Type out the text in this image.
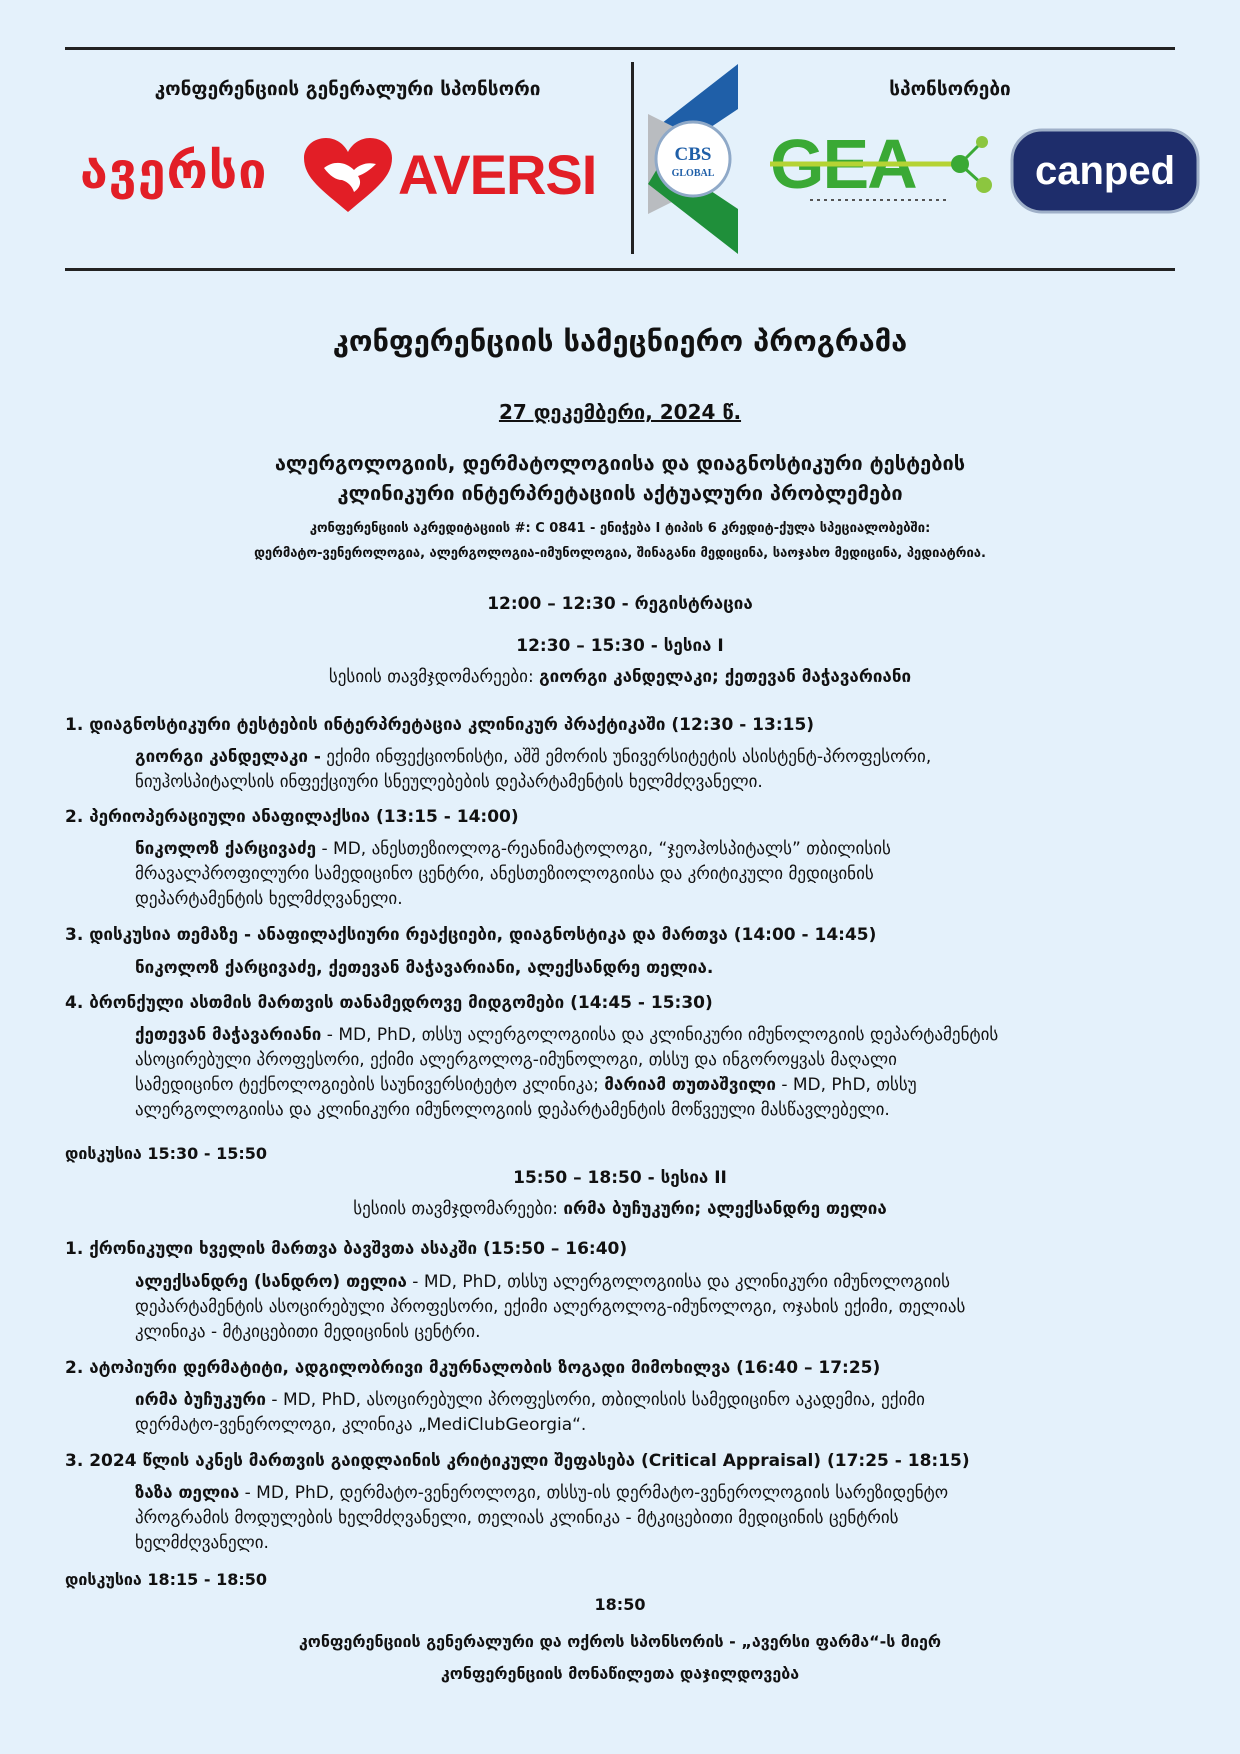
კონფერენციის გენერალური სპონსორი	სპონსორები
ავერსი AVERSI	CBS
GLOBAL GEA	canped
კონფერენციის სამეცნიერო პროგრამა
27 დეკემბერი, 2024 წ.
ალერგოლოგიის, დერმატოლოგიისა და დიაგნოსტიკური ტესტების
კლინიკური ინტერპრეტაციის აქტუალური პრობლემები
კონფერენციის აკრედიტაციის #: C 0841 - ენიჭება I ტიპის 6 კრედიტ-ქულა სპეციალობებში:
დერმატო-ვენეროლოგია, ალერგოლოგია-იმუნოლოგია, შინაგანი მედიცინა, საოჯახო მედიცინა, პედიატრია.
12:00 – 12:30 - რეგისტრაცია
12:30 – 15:30 - სესია I
სესიის თავმჯდომარეები: გიორგი კანდელაკი; ქეთევან მაჭავარიანი
1. დიაგნოსტიკური ტესტების ინტერპრეტაცია კლინიკურ პრაქტიკაში (12:30 - 13:15)
გიორგი კანდელაკი - ექიმი ინფექციონისტი, აშშ ემორის უნივერსიტეტის ასისტენტ-პროფესორი,
ნიუჰოსპიტალსის ინფექციური სნეულებების დეპარტამენტის ხელმძღვანელი.
2. პერიოპერაციული ანაფილაქსია (13:15 - 14:00)
ნიკოლოზ ქარცივაძე - MD, ანესთეზიოლოგ-რეანიმატოლოგი, “ჯეოჰოსპიტალს” თბილისის
მრავალპროფილური სამედიცინო ცენტრი, ანესთეზიოლოგიისა და კრიტიკული მედიცინის
დეპარტამენტის ხელმძღვანელი.
3. დისკუსია თემაზე - ანაფილაქსიური რეაქციები, დიაგნოსტიკა და მართვა (14:00 - 14:45)
ნიკოლოზ ქარცივაძე, ქეთევან მაჭავარიანი, ალექსანდრე თელია.
4. ბრონქული ასთმის მართვის თანამედროვე მიდგომები (14:45 - 15:30)
ქეთევან მაჭავარიანი - MD, PhD, თსსუ ალერგოლოგიისა და კლინიკური იმუნოლოგიის დეპარტამენტის
ასოცირებული პროფესორი, ექიმი ალერგოლოგ-იმუნოლოგი, თსსუ და ინგოროყვას მაღალი
სამედიცინო ტექნოლოგიების საუნივერსიტეტო კლინიკა; მარიამ თუთაშვილი - MD, PhD, თსსუ
ალერგოლოგიისა და კლინიკური იმუნოლოგიის დეპარტამენტის მოწვეული მასწავლებელი.
დისკუსია 15:30 - 15:50
15:50 – 18:50 - სესია II
სესიის თავმჯდომარეები: ირმა ბუჩუკური; ალექსანდრე თელია
1. ქრონიკული ხველის მართვა ბავშვთა ასაკში (15:50 – 16:40)
ალექსანდრე (სანდრო) თელია - MD, PhD, თსსუ ალერგოლოგიისა და კლინიკური იმუნოლოგიის
დეპარტამენტის ასოცირებული პროფესორი, ექიმი ალერგოლოგ-იმუნოლოგი, ოჯახის ექიმი, თელიას
კლინიკა - მტკიცებითი მედიცინის ცენტრი.
2. ატოპიური დერმატიტი, ადგილობრივი მკურნალობის ზოგადი მიმოხილვა (16:40 – 17:25)
ირმა ბუჩუკური - MD, PhD, ასოცირებული პროფესორი, თბილისის სამედიცინო აკადემია, ექიმი
დერმატო-ვენეროლოგი, კლინიკა „MediClubGeorgia“.
3. 2024 წლის აკნეს მართვის გაიდლაინის კრიტიკული შეფასება (Critical Appraisal) (17:25 - 18:15)
ზაზა თელია - MD, PhD, დერმატო-ვენეროლოგი, თსსუ-ის დერმატო-ვენეროლოგიის სარეზიდენტო
პროგრამის მოდულების ხელმძღვანელი, თელიას კლინიკა - მტკიცებითი მედიცინის ცენტრის
ხელმძღვანელი.
დისკუსია 18:15 - 18:50
18:50
კონფერენციის გენერალური და ოქროს სპონსორის - „ავერსი ფარმა“-ს მიერ
კონფერენციის მონაწილეთა დაჯილდოვება
